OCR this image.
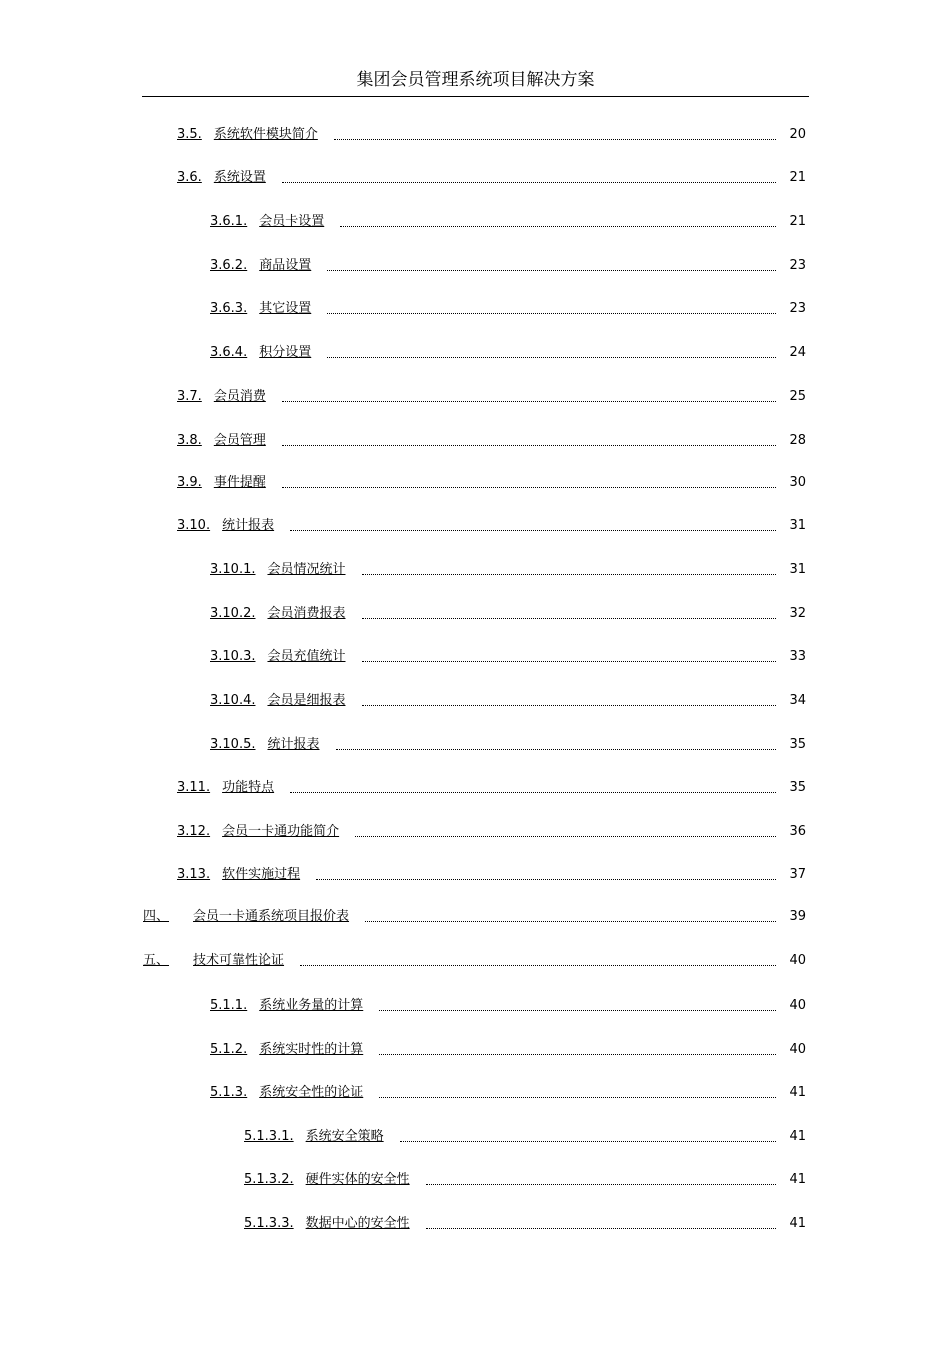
集团会员管理系统项目解决方案
3.5. 系统软件模块简介	20
3.6. 系统设置	21
3.6.1. 会员卡设置	21
3.6.2. 商品设置	23
3.6.3. 其它设置	23
3.6.4. 积分设置	24
3.7. 会员消费	25
3.8. 会员管理	28
3.9. 事件提醒	30
3.10. 统计报表	31
3.10.1. 会员情况统计	31
3.10.2. 会员消费报表	32
3.10.3. 会员充值统计	33
3.10.4. 会员是细报表	34
3.10.5. 统计报表	35
3.11. 功能特点	35
3.12. 会员一卡通功能简介	36
3.13. 软件实施过程	37
四、 会员一卡通系统项目报价表	39
五、 技术可靠性论证	40
5.1.1. 系统业务量的计算	40
5.1.2. 系统实时性的计算	40
5.1.3. 系统安全性的论证	41
5.1.3.1. 系统安全策略	41
5.1.3.2. 硬件实体的安全性	41
5.1.3.3. 数据中心的安全性	41
